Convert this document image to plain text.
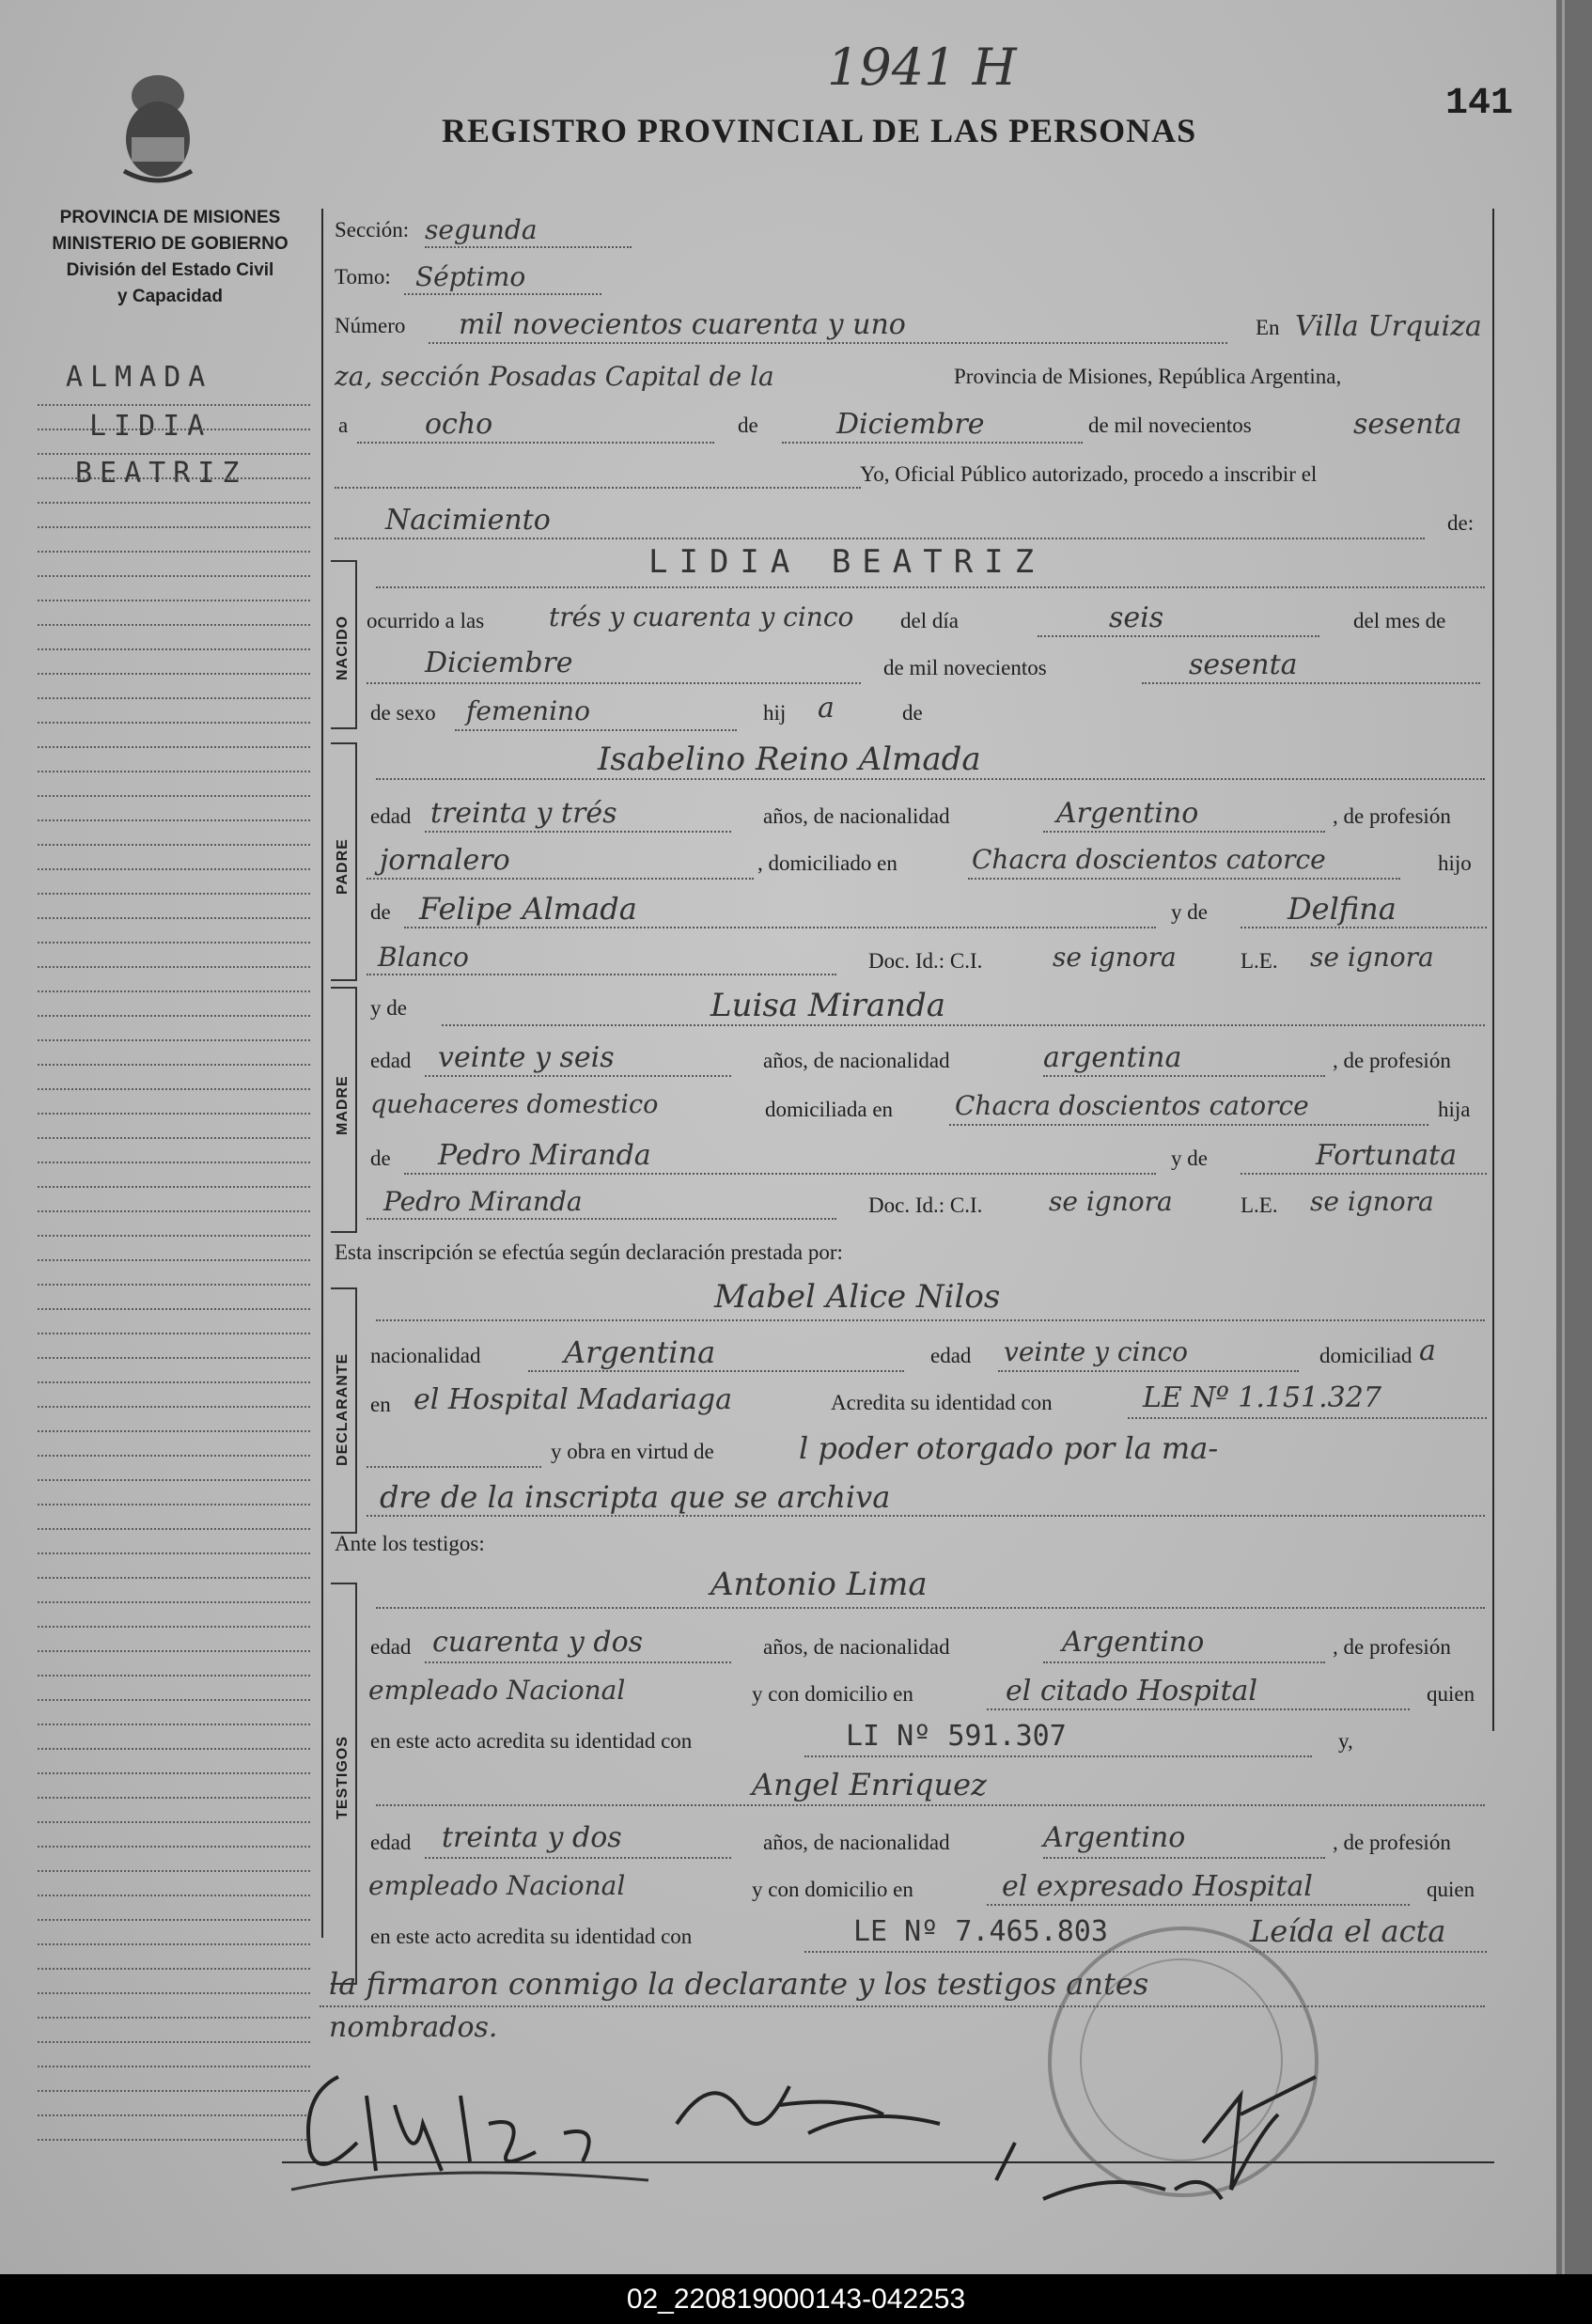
PROVINCIA DE MISIONES
MINISTERIO DE GOBIERNO
División del Estado Civil
y Capacidad
REGISTRO PROVINCIAL DE LAS PERSONAS
141
1941 H
ALMADA
LIDIA
BEATRIZ
Sección: segunda
Tomo: Séptimo
Número mil novecientos cuarenta y uno	En Villa Urquiza
za, sección Posadas Capital de la	Provincia de Misiones, República Argentina,
a	ocho	de	Diciembre	de mil novecientos	sesenta
Yo, Oficial Público autorizado, procedo a inscribir el
Nacimiento	de:
NACIDO
LIDIA BEATRIZ
ocurrido a las trés y cuarenta y cinco del día	seis	del mes de
Diciembre	de mil novecientos	sesenta
de sexo femenino	hij a	de
PADRE
Isabelino Reino Almada
edad treinta y trés	años, de nacionalidad	Argentino	, de profesión
jornalero	, domiciliado en	Chacra doscientos catorce	hijo
de Felipe Almada	y de	Delfina
Blanco	Doc. Id.: C.I.	se ignora	L.E. se ignora
MADRE
y de	Luisa Miranda
edad veinte y seis	años, de nacionalidad	argentina	, de profesión
quehaceres domestico	domiciliada en Chacra doscientos catorce	hija
de Pedro Miranda	y de	Fortunata
Pedro Miranda	Doc. Id.: C.I.	se ignora	L.E. se ignora
Esta inscripción se efectúa según declaración prestada por:
DECLARANTE
Mabel Alice Nilos
nacionalidad	Argentina	edad veinte y cinco	domiciliad a
en el Hospital Madariaga	Acredita su identidad con	LE Nº 1.151.327
y obra en virtud de	l poder otorgado por la ma-
dre de la inscripta que se archiva
Ante los testigos:
TESTIGOS
Antonio Lima
edad cuarenta y dos	años, de nacionalidad	Argentino	, de profesión
empleado Nacional	y con domicilio en	el citado Hospital	quien
en este acto acredita su identidad con	LI Nº 591.307	y,
Angel Enriquez
edad treinta y dos	años, de nacionalidad	Argentino	, de profesión
empleado Nacional	y con domicilio en	el expresado Hospital	quien
en este acto acredita su identidad con	LE Nº 7.465.803	Leída el acta
la firmaron conmigo la declarante y los testigos antes
nombrados.
02_220819000143-042253
